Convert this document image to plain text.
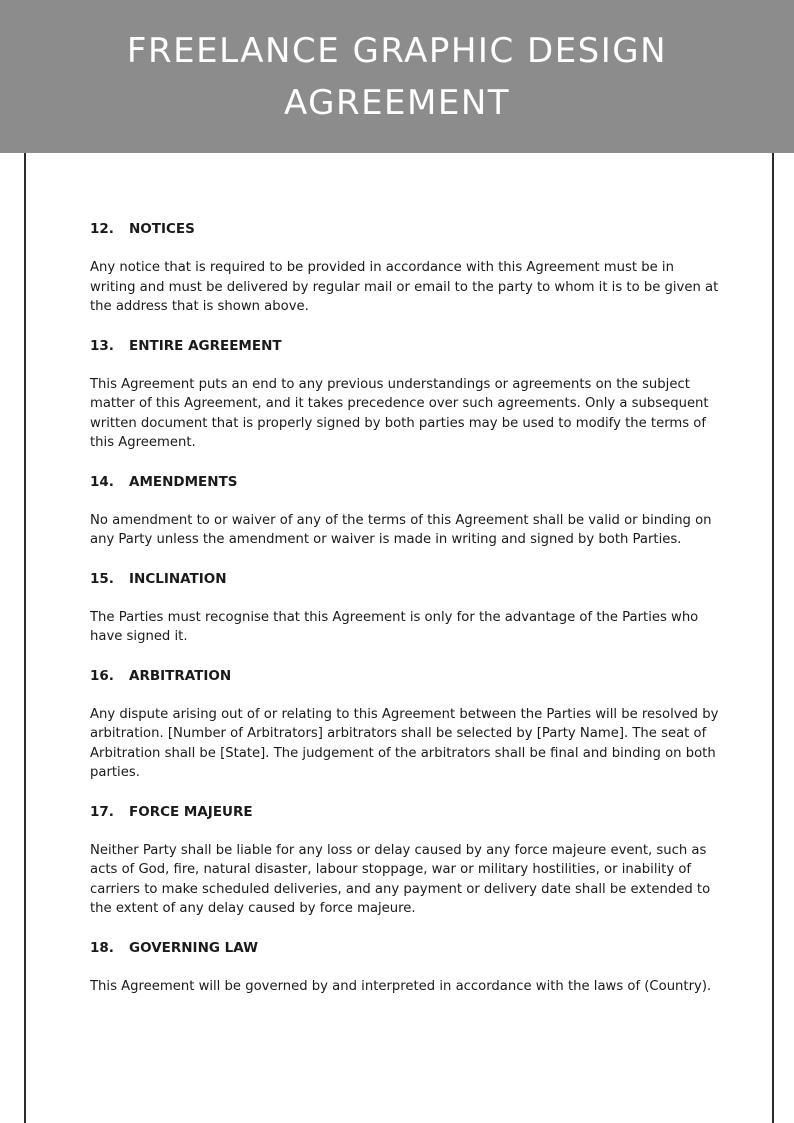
FREELANCE GRAPHIC DESIGN
AGREEMENT
12.	NOTICES

Any notice that is required to be provided in accordance with this Agreement must be in writing and must be delivered by regular mail or email to the party to whom it is to be given at the address that is shown above.

13.	ENTIRE AGREEMENT

This Agreement puts an end to any previous understandings or agreements on the subject matter of this Agreement, and it takes precedence over such agreements. Only a subsequent written document that is properly signed by both parties may be used to modify the terms of this Agreement.

14.	AMENDMENTS

No amendment to or waiver of any of the terms of this Agreement shall be valid or binding on any Party unless the amendment or waiver is made in writing and signed by both Parties.

15.	INCLINATION

The Parties must recognise that this Agreement is only for the advantage of the Parties who have signed it.

16.	ARBITRATION

Any dispute arising out of or relating to this Agreement between the Parties will be resolved by arbitration. [Number of Arbitrators] arbitrators shall be selected by [Party Name]. The seat of Arbitration shall be [State]. The judgement of the arbitrators shall be final and binding on both parties.

17.	FORCE MAJEURE

Neither Party shall be liable for any loss or delay caused by any force majeure event, such as acts of God, fire, natural disaster, labour stoppage, war or military hostilities, or inability of carriers to make scheduled deliveries, and any payment or delivery date shall be extended to the extent of any delay caused by force majeure.

18.	GOVERNING LAW

This Agreement will be governed by and interpreted in accordance with the laws of (Country).
